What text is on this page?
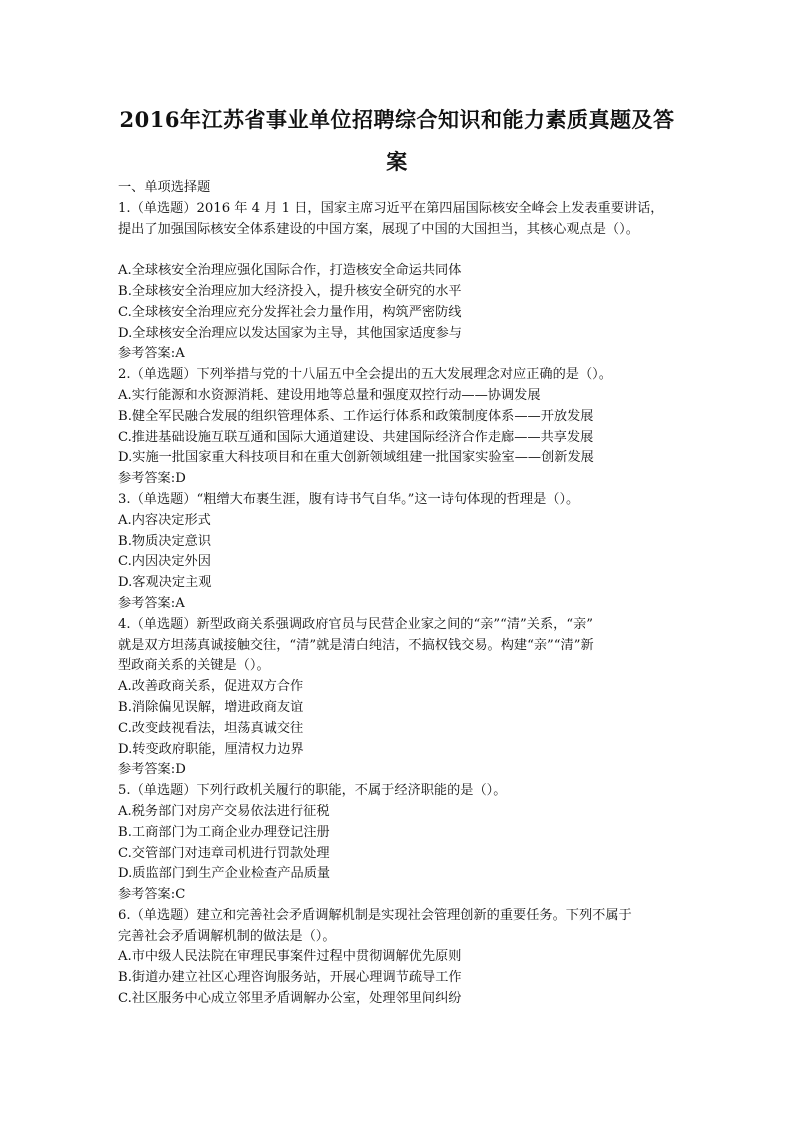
2016年江苏省事业单位招聘综合知识和能力素质真题及答
案
一、单项选择题
1.（单选题）2016 年 4 月 1 日，国家主席习近平在第四届国际核安全峰会上发表重要讲话，
提出了加强国际核安全体系建设的中国方案，展现了中国的大国担当，其核心观点是（）。
A.全球核安全治理应强化国际合作，打造核安全命运共同体
B.全球核安全治理应加大经济投入，提升核安全研究的水平
C.全球核安全治理应充分发挥社会力量作用，构筑严密防线
D.全球核安全治理应以发达国家为主导，其他国家适度参与
参考答案:A
2.（单选题）下列举措与党的十八届五中全会提出的五大发展理念对应正确的是（）。
A.实行能源和水资源消耗、建设用地等总量和强度双控行动——协调发展
B.健全军民融合发展的组织管理体系、工作运行体系和政策制度体系——开放发展
C.推进基础设施互联互通和国际大通道建设、共建国际经济合作走廊——共享发展
D.实施一批国家重大科技项目和在重大创新领域组建一批国家实验室——创新发展
参考答案:D
3.（单选题）“粗缯大布裹生涯，腹有诗书气自华。”这一诗句体现的哲理是（）。
A.内容决定形式
B.物质决定意识
C.内因决定外因
D.客观决定主观
参考答案:A
4.（单选题）新型政商关系强调政府官员与民营企业家之间的“亲”“清”关系，“亲”
就是双方坦荡真诚接触交往，“清”就是清白纯洁，不搞权钱交易。构建“亲”“清”新
型政商关系的关键是（）。
A.改善政商关系，促进双方合作
B.消除偏见误解，增进政商友谊
C.改变歧视看法，坦荡真诚交往
D.转变政府职能，厘清权力边界
参考答案:D
5.（单选题）下列行政机关履行的职能，不属于经济职能的是（）。
A.税务部门对房产交易依法进行征税
B.工商部门为工商企业办理登记注册
C.交管部门对违章司机进行罚款处理
D.质监部门到生产企业检查产品质量
参考答案:C
6.（单选题）建立和完善社会矛盾调解机制是实现社会管理创新的重要任务。下列不属于
完善社会矛盾调解机制的做法是（）。
A.市中级人民法院在审理民事案件过程中贯彻调解优先原则
B.街道办建立社区心理咨询服务站，开展心理调节疏导工作
C.社区服务中心成立邻里矛盾调解办公室，处理邻里间纠纷
